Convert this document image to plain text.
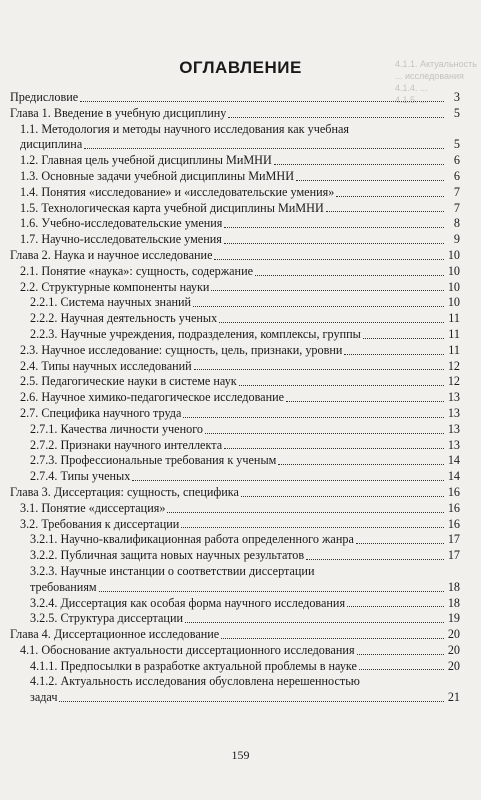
4.1.1. Актуальность ... исследования
4.1.4. ...
4.1.5. ...
ОГЛАВЛЕНИЕ
Предисловие	3
Глава 1. Введение в учебную дисциплину	5
1.1. Методология и методы научного исследования как учебная
дисциплина	5
1.2. Главная цель учебной дисциплины МиМНИ	6
1.3. Основные задачи учебной дисциплины МиМНИ	6
1.4. Понятия «исследование» и «исследовательские умения»	7
1.5. Технологическая карта учебной дисциплины МиМНИ	7
1.6. Учебно-исследовательские умения	8
1.7. Научно-исследовательские умения	9
Глава 2. Наука и научное исследование	10
2.1. Понятие «наука»: сущность, содержание	10
2.2. Структурные компоненты науки	10
2.2.1. Система научных знаний	10
2.2.2. Научная деятельность ученых	11
2.2.3. Научные учреждения, подразделения, комплексы, группы	11
2.3. Научное исследование: сущность, цель, признаки, уровни	11
2.4. Типы научных исследований	12
2.5. Педагогические науки в системе наук	12
2.6. Научное химико-педагогическое исследование	13
2.7. Специфика научного труда	13
2.7.1. Качества личности ученого	13
2.7.2. Признаки научного интеллекта	13
2.7.3. Профессиональные требования к ученым	14
2.7.4. Типы ученых	14
Глава 3. Диссертация: сущность, специфика	16
3.1. Понятие «диссертация»	16
3.2. Требования к диссертации	16
3.2.1. Научно-квалификационная работа определенного жанра	17
3.2.2. Публичная защита новых научных результатов	17
3.2.3. Научные инстанции о соответствии диссертации
требованиям	18
3.2.4. Диссертация как особая форма научного исследования	18
3.2.5. Структура диссертации	19
Глава 4. Диссертационное исследование	20
4.1. Обоснование актуальности диссертационного исследования	20
4.1.1. Предпосылки в разработке актуальной проблемы в науке	20
4.1.2. Актуальность исследования обусловлена нерешенностью
задач	21
159
